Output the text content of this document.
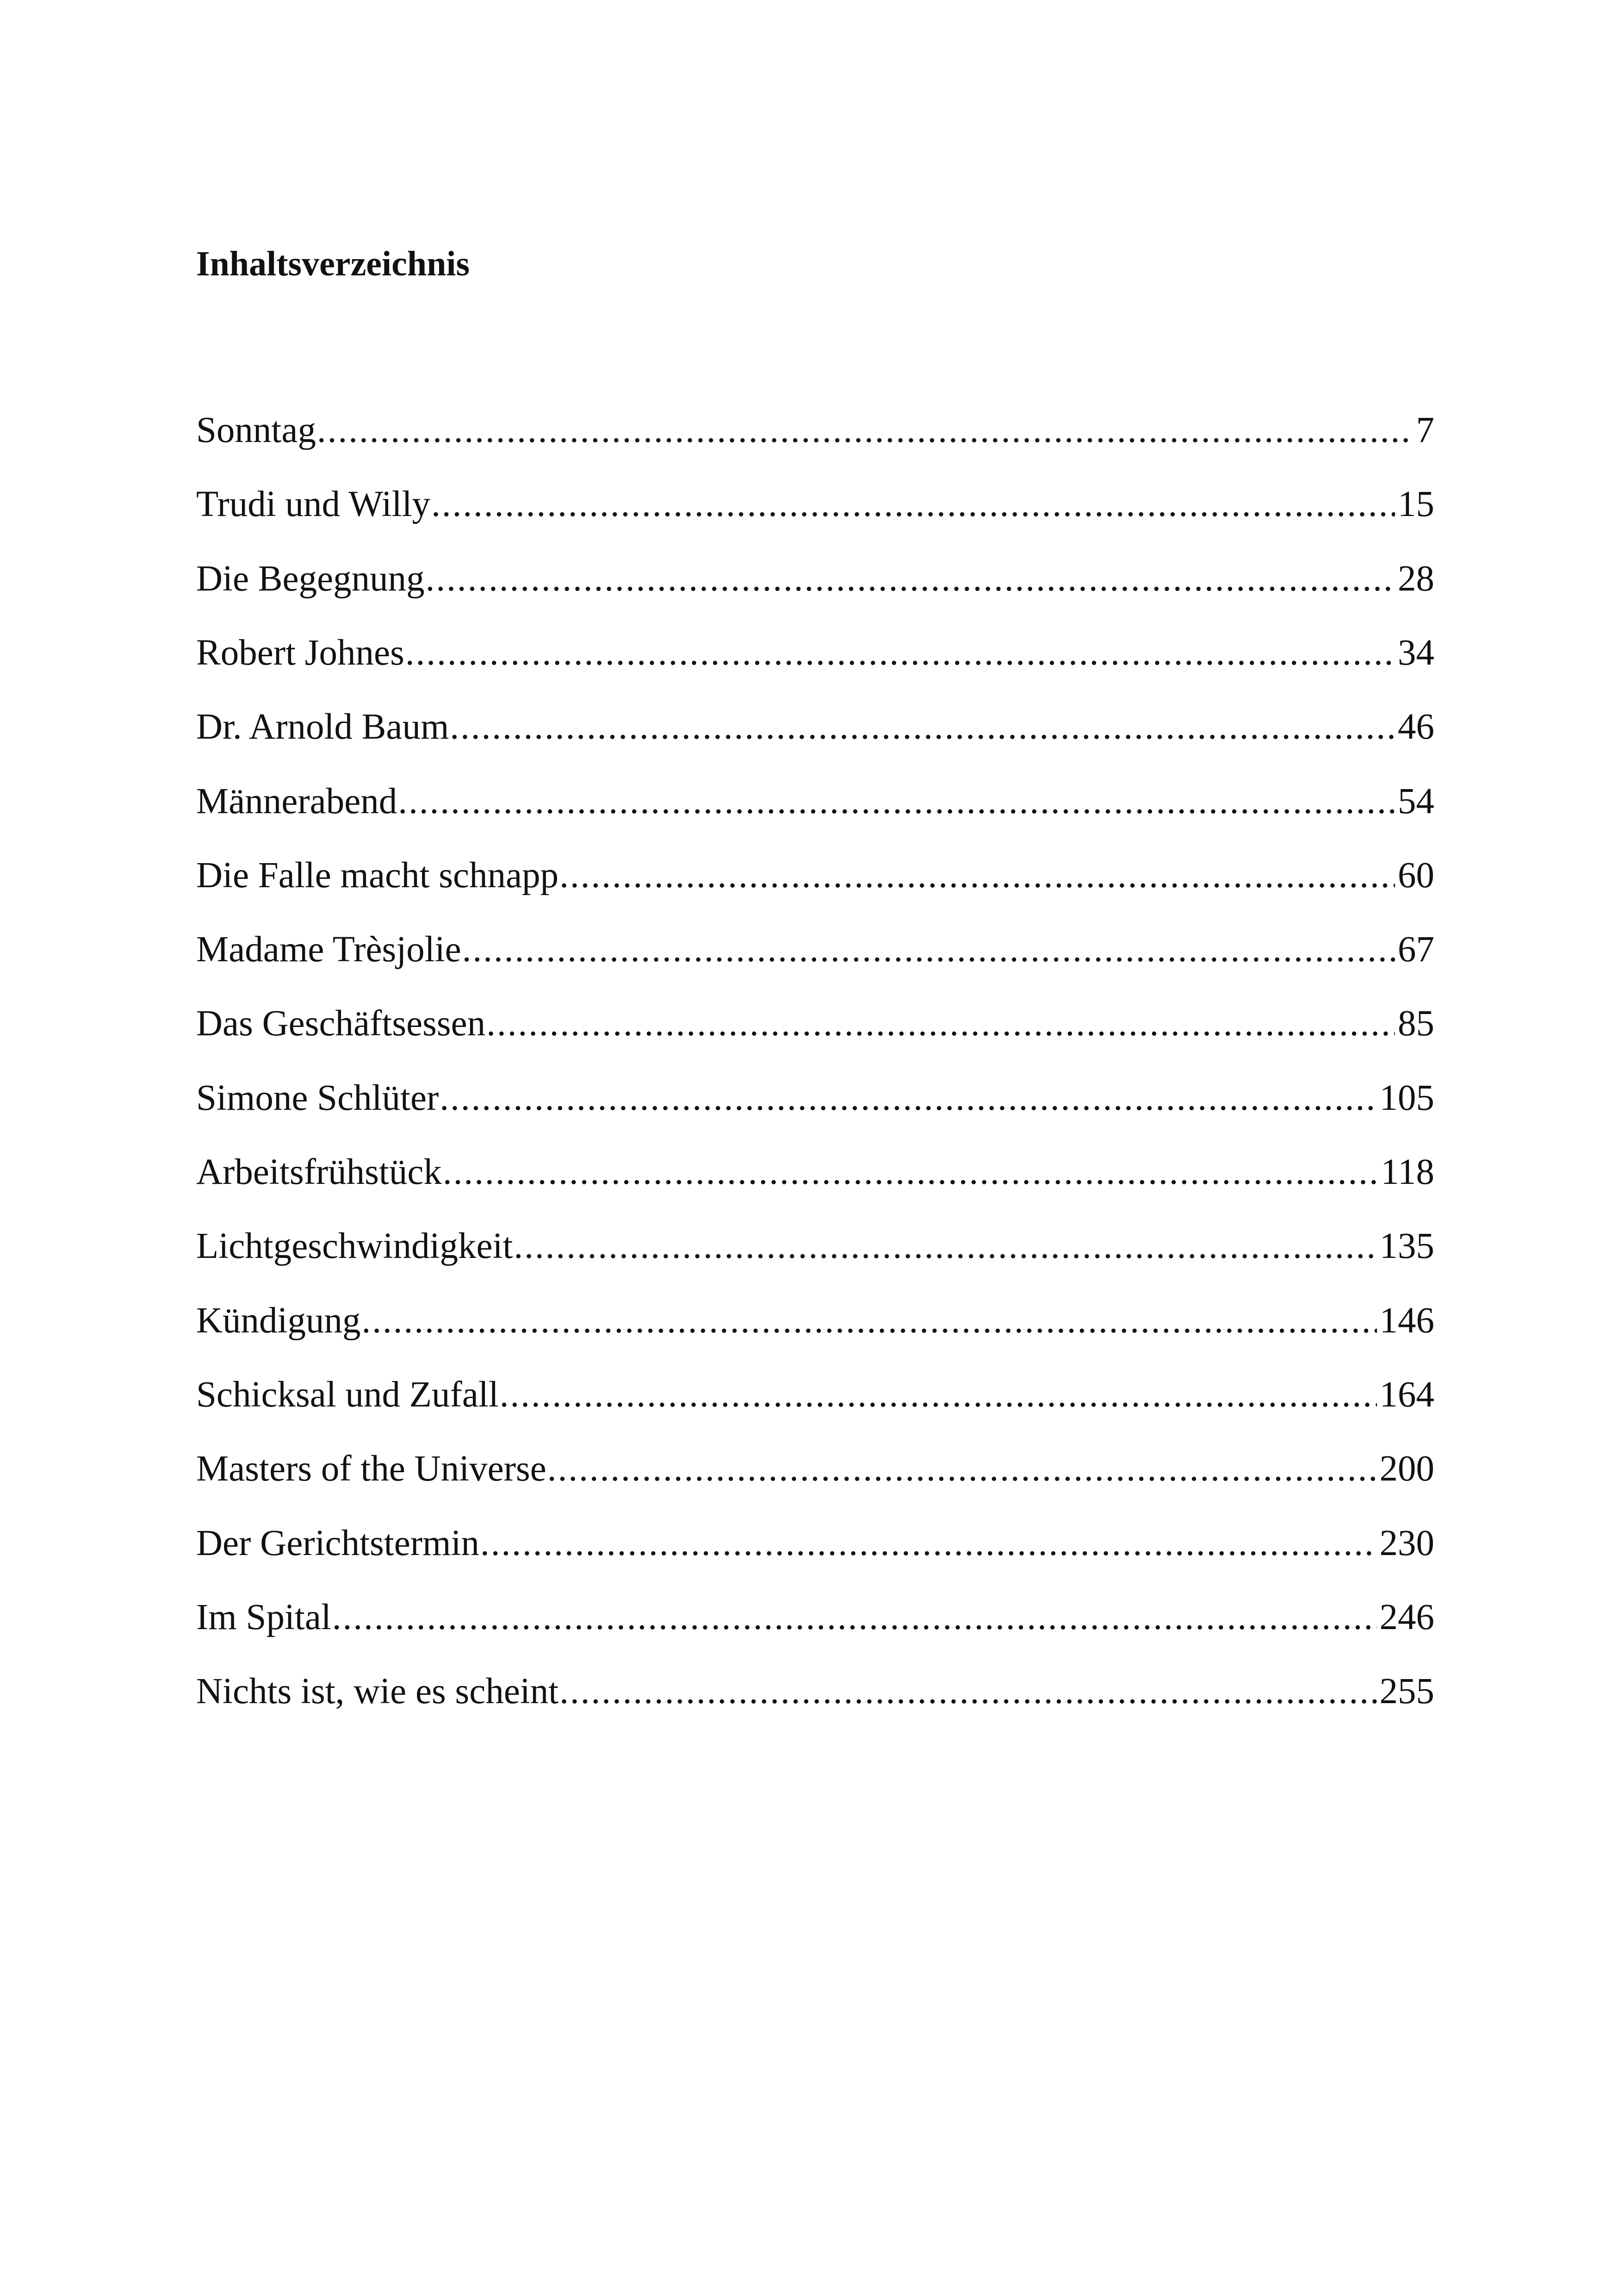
Inhaltsverzeichnis
Sonntag .....	7
Trudi und Willy .....	15
Die Begegnung .....	28
Robert Johnes .....	34
Dr. Arnold Baum .....	46
Männerabend .....	54
Die Falle macht schnapp .....	60
Madame Trèsjolie .....	67
Das Geschäftsessen .....	85
Simone Schlüter .....	105
Arbeitsfrühstück .....	118
Lichtgeschwindigkeit .....	135
Kündigung .....	146
Schicksal und Zufall .....	164
Masters of the Universe .....	200
Der Gerichtstermin .....	230
Im Spital .....	246
Nichts ist, wie es scheint .....	255
